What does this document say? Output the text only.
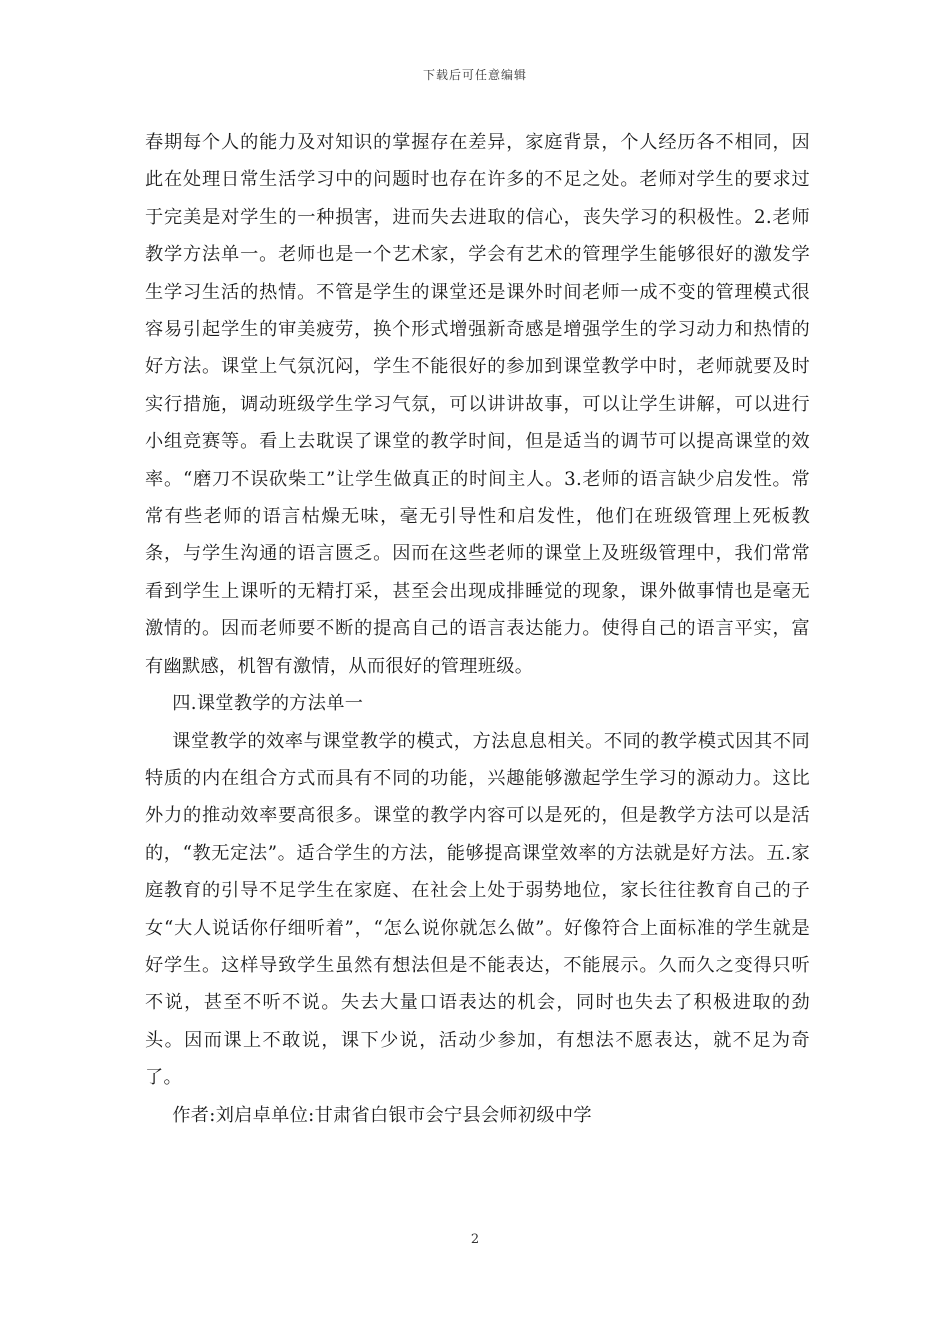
下载后可任意编辑

春期每个人的能力及对知识的掌握存在差异，家庭背景，个人经历各不相同，因此在处理日常生活学习中的问题时也存在许多的不足之处。老师对学生的要求过于完美是对学生的一种损害，进而失去进取的信心，丧失学习的积极性。2.老师教学方法单一。老师也是一个艺术家，学会有艺术的管理学生能够很好的激发学生学习生活的热情。不管是学生的课堂还是课外时间老师一成不变的管理模式很容易引起学生的审美疲劳，换个形式增强新奇感是增强学生的学习动力和热情的好方法。课堂上气氛沉闷，学生不能很好的参加到课堂教学中时，老师就要及时实行措施，调动班级学生学习气氛，可以讲讲故事，可以让学生讲解，可以进行小组竞赛等。看上去耽误了课堂的教学时间，但是适当的调节可以提高课堂的效率。“磨刀不误砍柴工”让学生做真正的时间主人。3.老师的语言缺少启发性。常常有些老师的语言枯燥无味，毫无引导性和启发性，他们在班级管理上死板教条，与学生沟通的语言匮乏。因而在这些老师的课堂上及班级管理中，我们常常看到学生上课听的无精打采，甚至会出现成排睡觉的现象，课外做事情也是毫无激情的。因而老师要不断的提高自己的语言表达能力。使得自己的语言平实，富有幽默感，机智有激情，从而很好的管理班级。

四.课堂教学的方法单一

课堂教学的效率与课堂教学的模式，方法息息相关。不同的教学模式因其不同特质的内在组合方式而具有不同的功能，兴趣能够激起学生学习的源动力。这比外力的推动效率要高很多。课堂的教学内容可以是死的，但是教学方法可以是活的，“教无定法”。适合学生的方法，能够提高课堂效率的方法就是好方法。五.家庭教育的引导不足学生在家庭、在社会上处于弱势地位，家长往往教育自己的子女“大人说话你仔细听着”，“怎么说你就怎么做”。好像符合上面标准的学生就是好学生。这样导致学生虽然有想法但是不能表达，不能展示。久而久之变得只听不说，甚至不听不说。失去大量口语表达的机会，同时也失去了积极进取的劲头。因而课上不敢说，课下少说，活动少参加，有想法不愿表达，就不足为奇了。

作者:刘启卓单位:甘肃省白银市会宁县会师初级中学

2
